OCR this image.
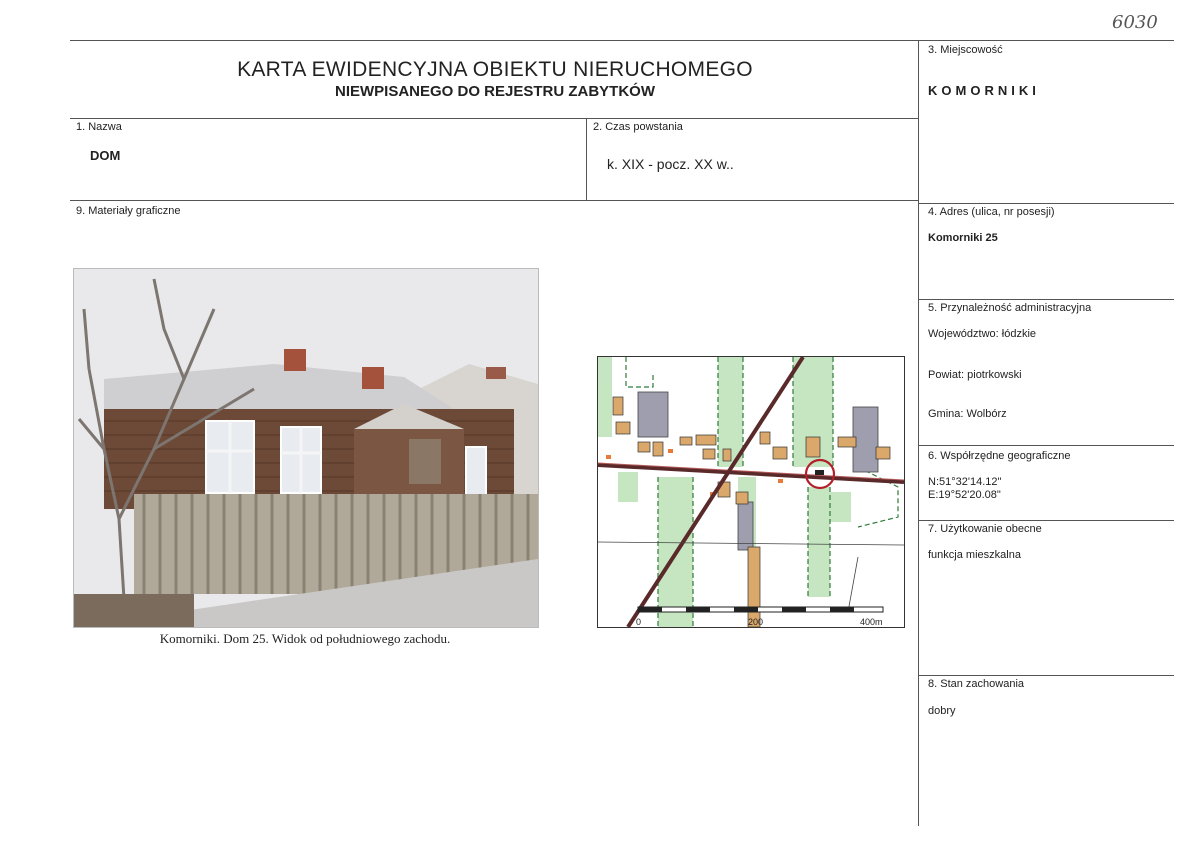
6030
KARTA EWIDENCYJNA OBIEKTU NIERUCHOMEGO
NIEWPISANEGO DO REJESTRU ZABYTKÓW
1. Nazwa
DOM
2. Czas powstania
k. XIX - pocz. XX w..
3. Miejscowość
KOMORNIKI
4. Adres (ulica, nr posesji)
Komorniki 25
5. Przynależność administracyjna
Województwo: łódzkie
Powiat: piotrkowski
Gmina: Wolbórz
6. Współrzędne geograficzne
N:51°32'14.12"
E:19°52'20.08"
7. Użytkowanie obecne
funkcja mieszkalna
8. Stan zachowania
dobry
9. Materiały graficzne
Komorniki. Dom 25. Widok od południowego zachodu.
0	200	400m
